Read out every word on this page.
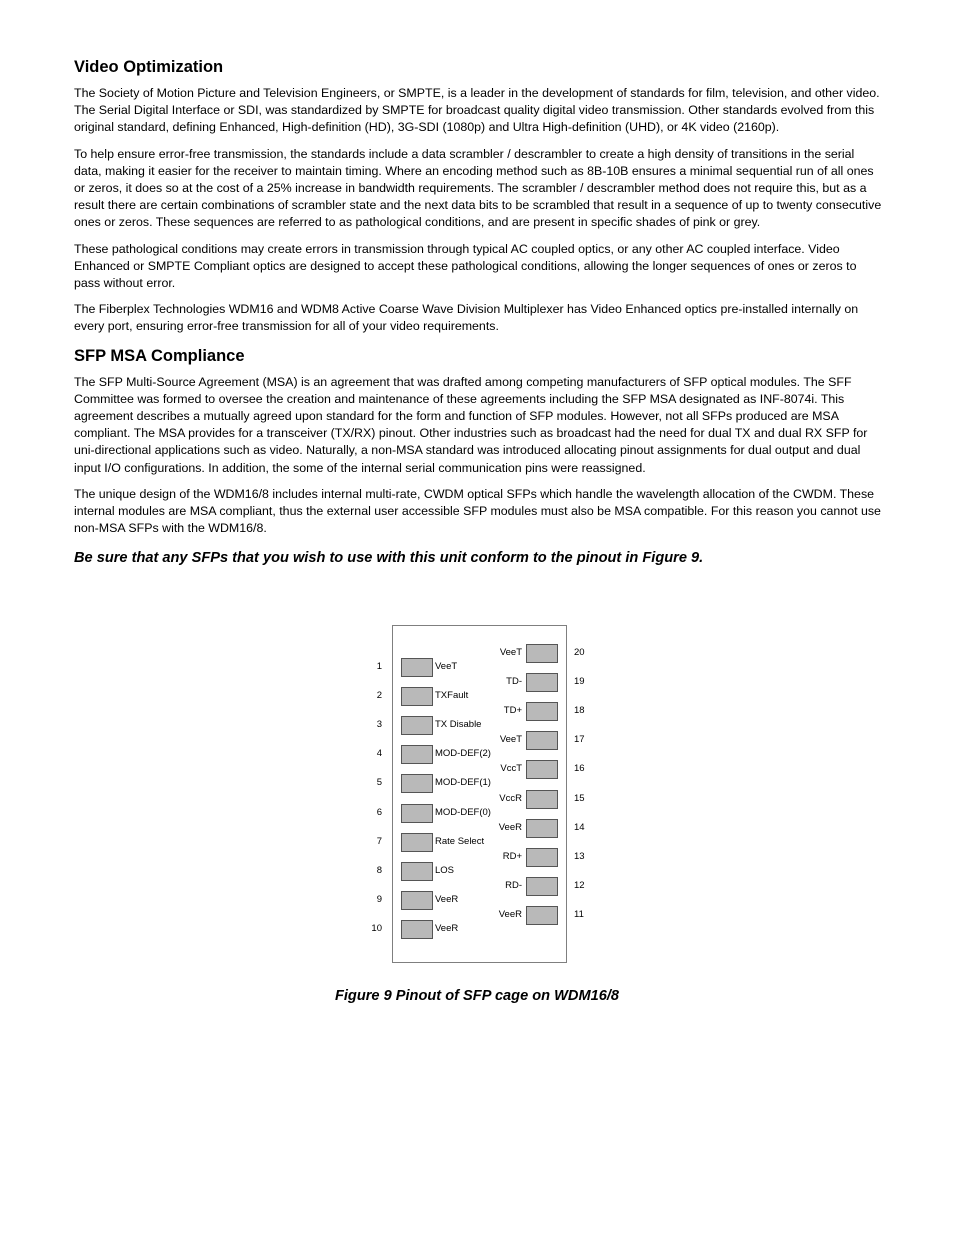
Video Optimization

The Society of Motion Picture and Television Engineers, or SMPTE, is a leader in the development of standards for film, television, and other video. The Serial Digital Interface or SDI, was standardized by SMPTE for broadcast quality digital video transmission. Other standards evolved from this original standard, defining Enhanced, High-definition (HD), 3G-SDI (1080p) and Ultra High-definition (UHD), or 4K video (2160p).

To help ensure error-free transmission, the standards include a data scrambler / descrambler to create a high density of transitions in the serial data, making it easier for the receiver to maintain timing. Where an encoding method such as 8B-10B ensures a minimal sequential run of all ones or zeros, it does so at the cost of a 25% increase in bandwidth requirements. The scrambler / descrambler method does not require this, but as a result there are certain combinations of scrambler state and the next data bits to be scrambled that result in a sequence of up to twenty consecutive ones or zeros. These sequences are referred to as pathological conditions, and are present in specific shades of pink or grey.

These pathological conditions may create errors in transmission through typical AC coupled optics, or any other AC coupled interface. Video Enhanced or SMPTE Compliant optics are designed to accept these pathological conditions, allowing the longer sequences of ones or zeros to pass without error.

The Fiberplex Technologies WDM16 and WDM8 Active Coarse Wave Division Multiplexer has Video Enhanced optics pre-installed internally on every port, ensuring error-free transmission for all of your video requirements.

SFP MSA Compliance

The SFP Multi-Source Agreement (MSA) is an agreement that was drafted among competing manufacturers of SFP optical modules. The SFF Committee was formed to oversee the creation and maintenance of these agreements including the SFP MSA designated as INF-8074i. This agreement describes a mutually agreed upon standard for the form and function of SFP modules. However, not all SFPs produced are MSA compliant. The MSA provides for a transceiver (TX/RX) pinout. Other industries such as broadcast had the need for dual TX and dual RX SFP for uni-directional applications such as video. Naturally, a non-MSA standard was introduced allocating pinout assignments for dual output and dual input I/O configurations. In addition, the some of the internal serial communication pins were reassigned.

The unique design of the WDM16/8 includes internal multi-rate, CWDM optical SFPs which handle the wavelength allocation of the CWDM. These internal modules are MSA compliant, thus the external user accessible SFP modules must also be MSA compatible. For this reason you cannot use non-MSA SFPs with the WDM16/8.

Be sure that any SFPs that you wish to use with this unit conform to the pinout in Figure 9.

Figure 9 Pinout of SFP cage on WDM16/8
1	VeeT
2	TXFault
3	TX Disable
4	MOD-DEF(2)
5	MOD-DEF(1)
6	MOD-DEF(0)
7	Rate Select
8	LOS
9	VeeR
10	VeeR
VeeT	20
TD-	19
TD+	18
VeeT	17
VccT	16
VccR	15
VeeR	14
RD+	13
RD-	12
VeeR	11
